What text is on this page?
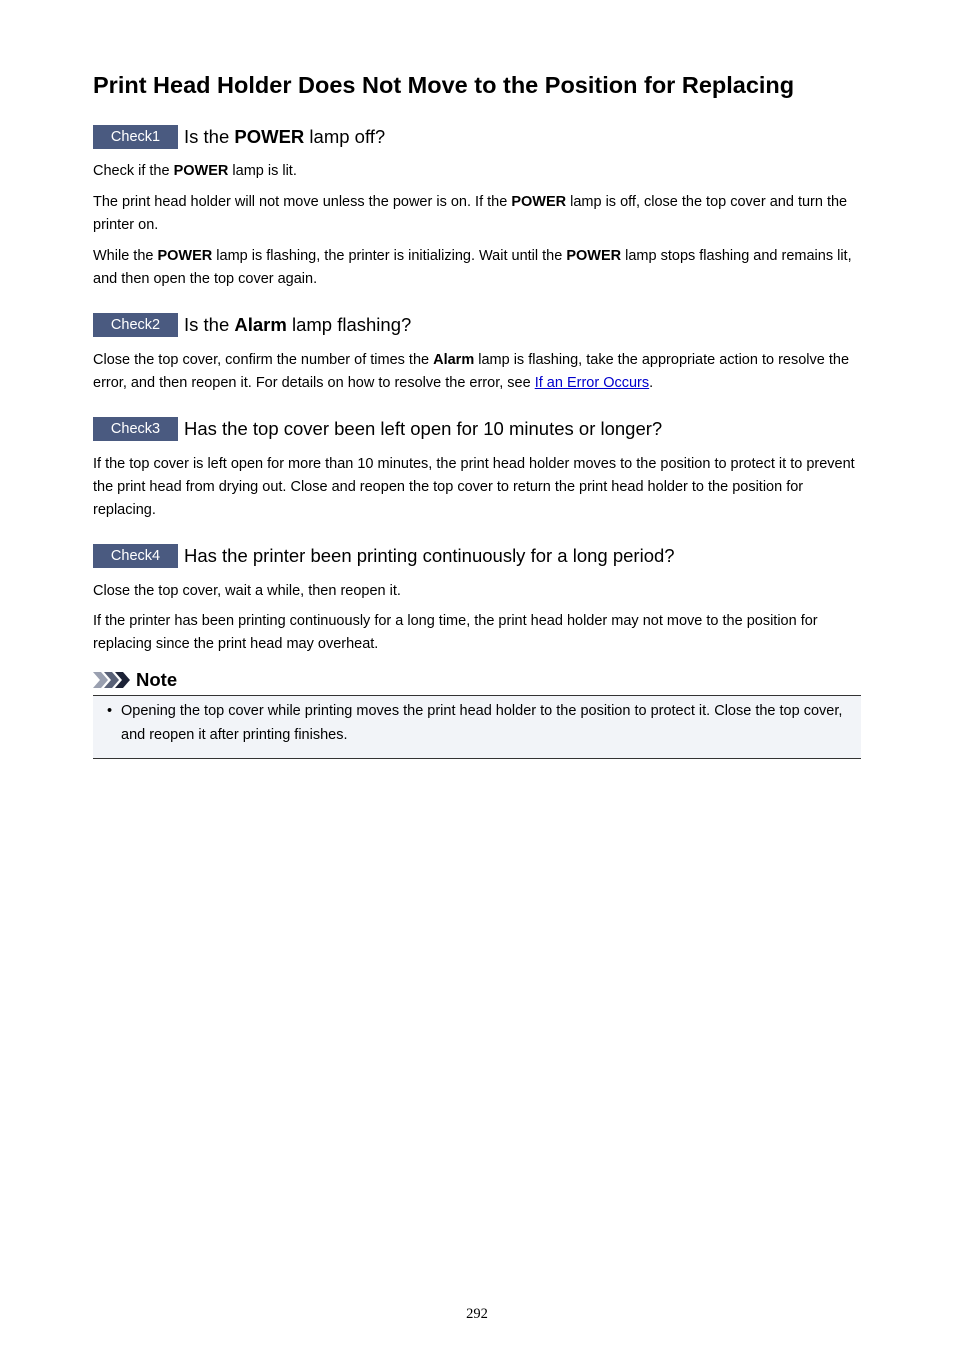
Print Head Holder Does Not Move to the Position for Replacing
Check1	Is the POWER lamp off?

Check if the POWER lamp is lit.

The print head holder will not move unless the power is on. If the POWER lamp is off, close the top cover and turn the printer on.

While the POWER lamp is flashing, the printer is initializing. Wait until the POWER lamp stops flashing and remains lit, and then open the top cover again.

Check2	Is the Alarm lamp flashing?

Close the top cover, confirm the number of times the Alarm lamp is flashing, take the appropriate action to resolve the error, and then reopen it. For details on how to resolve the error, see If an Error Occurs.

Check3	Has the top cover been left open for 10 minutes or longer?

If the top cover is left open for more than 10 minutes, the print head holder moves to the position to protect it to prevent the print head from drying out. Close and reopen the top cover to return the print head holder to the position for replacing.

Check4	Has the printer been printing continuously for a long period?

Close the top cover, wait a while, then reopen it.

If the printer has been printing continuously for a long time, the print head holder may not move to the position for replacing since the print head may overheat.

Note
• Opening the top cover while printing moves the print head holder to the position to protect it. Close the top cover, and reopen it after printing finishes.
292
